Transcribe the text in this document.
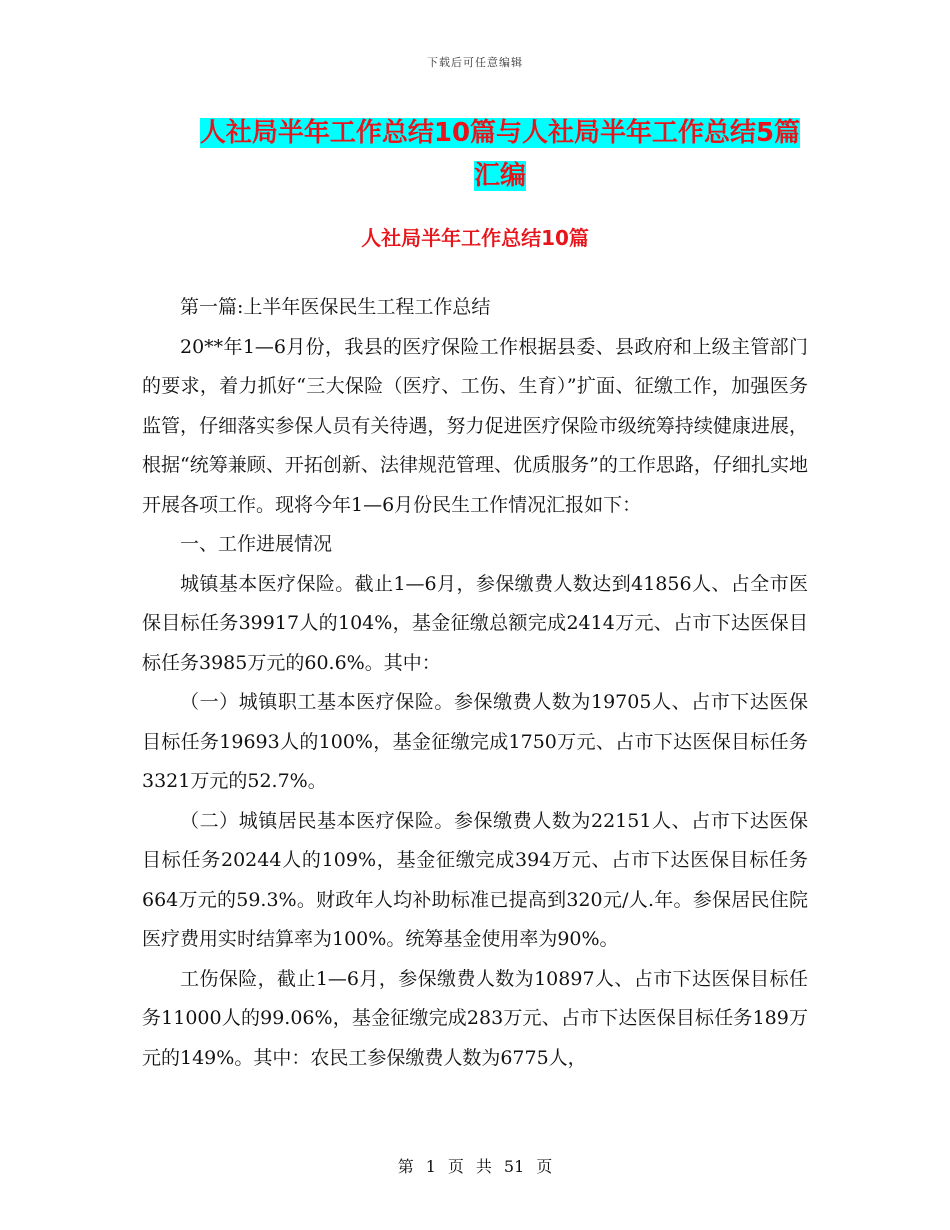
下载后可任意编辑
人社局半年工作总结10篇与人社局半年工作总结5篇
汇编
人社局半年工作总结10篇

第一篇:上半年医保民生工程工作总结

20**年1—6月份，我县的医疗保险工作根据县委、县政府和上级主管部门的要求，着力抓好“三大保险（医疗、工伤、生育）”扩面、征缴工作，加强医务监管，仔细落实参保人员有关待遇，努力促进医疗保险市级统筹持续健康进展，根据“统筹兼顾、开拓创新、法律规范管理、优质服务”的工作思路，仔细扎实地开展各项工作。现将今年1—6月份民生工作情况汇报如下：

一、工作进展情况

城镇基本医疗保险。截止1—6月，参保缴费人数达到41856人、占全市医保目标任务39917人的104%，基金征缴总额完成2414万元、占市下达医保目标任务3985万元的60.6%。其中：

（一）城镇职工基本医疗保险。参保缴费人数为19705人、占市下达医保目标任务19693人的100%，基金征缴完成1750万元、占市下达医保目标任务3321万元的52.7%。

（二）城镇居民基本医疗保险。参保缴费人数为22151人、占市下达医保目标任务20244人的109%，基金征缴完成394万元、占市下达医保目标任务664万元的59.3%。财政年人均补助标准已提高到320元/人.年。参保居民住院医疗费用实时结算率为100%。统筹基金使用率为90%。

工伤保险，截止1—6月，参保缴费人数为10897人、占市下达医保目标任务11000人的99.06%，基金征缴完成283万元、占市下达医保目标任务189万元的149%。其中：农民工参保缴费人数为6775人，

第 1 页 共 51 页
